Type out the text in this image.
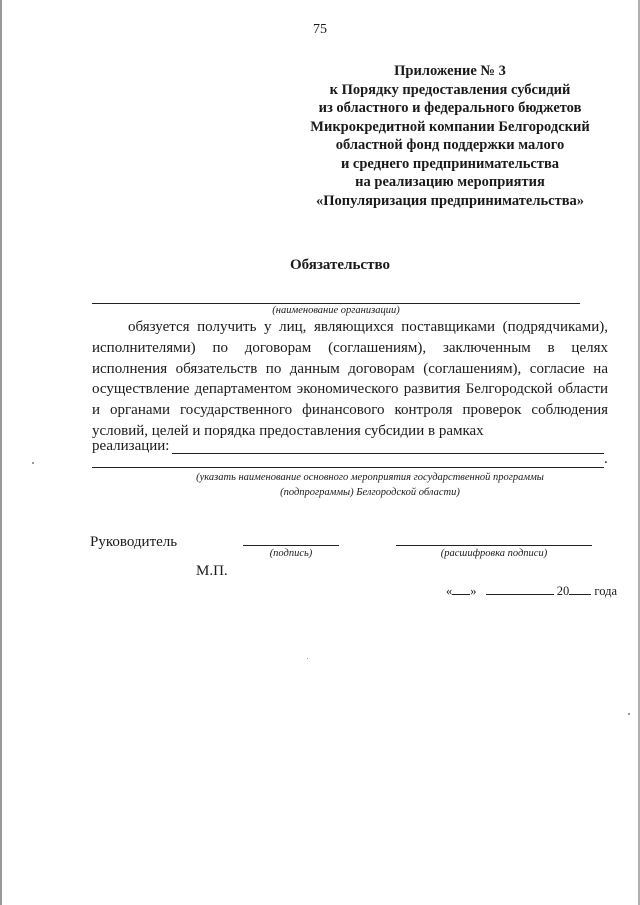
75
Приложение № 3
к Порядку предоставления субсидий
из областного и федерального бюджетов
Микрокредитной компании Белгородский
областной фонд поддержки малого
и среднего предпринимательства
на реализацию мероприятия
«Популяризация предпринимательства»
Обязательство
(наименование организации)

обязуется получить у лиц, являющихся поставщиками (подрядчиками), исполнителями) по договорам (соглашениям), заключенным в целях исполнения обязательств по данным договорам (соглашениям), согласие на осуществление департаментом экономического развития Белгородской области и органами государственного финансового контроля проверок соблюдения условий, целей и порядка предоставления субсидии в рамках

реализации:
.
(указать наименование основного мероприятия государственной программы
(подпрограммы) Белгородской области)
Руководитель
(подпись)	(расшифровка подписи)
М.П.
« »	20 года
